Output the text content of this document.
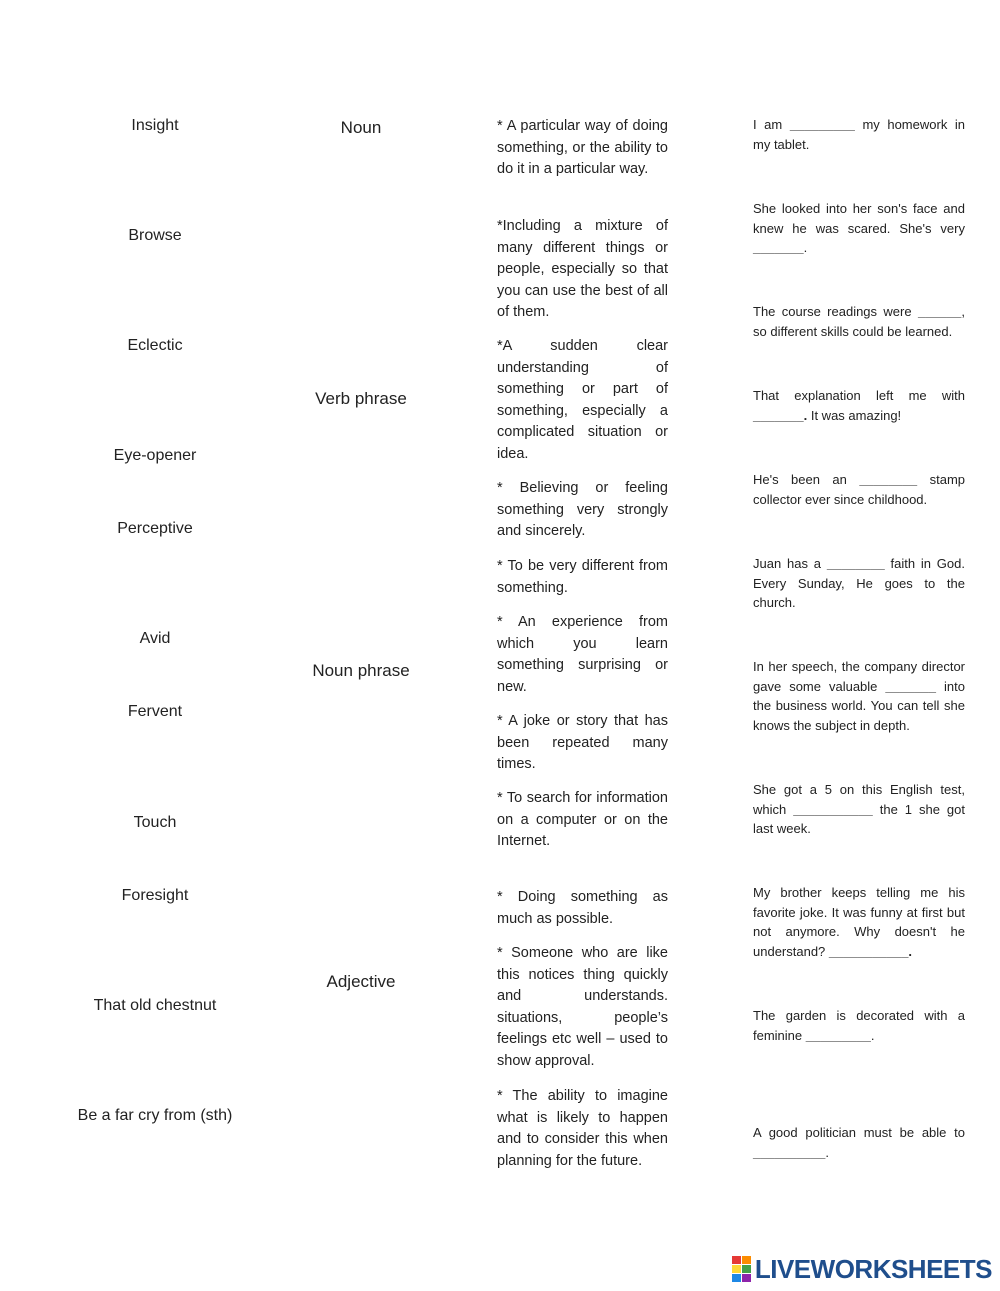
Insight
Browse
Eclectic
Eye-opener
Perceptive
Avid
Fervent
Touch
Foresight
That old chestnut
Be a far cry from (sth)
Noun
Verb phrase
Noun phrase
Adjective
* A particular way of doing something, or the ability to do it in a particular way.
*Including a mixture of many different things or people, especially so that you can use the best of all of them.
*A sudden clear understanding of something or part of something, especially a complicated situation or idea.
* Believing or feeling something very strongly and sincerely.
* To be very different from something.
* An experience from which you learn something surprising or new.
* A joke or story that has been repeated many times.
* To search for information on a computer or on the Internet.
* Doing something as much as possible.
* Someone who are like this notices thing quickly and understands. situations, people’s feelings etc well – used to show approval.
* The ability to imagine what is likely to happen and to consider this when planning for the future.
I am _________ my homework in my tablet.
She looked into her son's face and knew he was scared. She's very _______.
The course readings were ______, so different skills could be learned.
That explanation left me with _______. It was amazing!
He's been an ________ stamp collector ever since childhood.
Juan has a ________ faith in God. Every Sunday, He goes to the church.
In her speech, the company director gave some valuable _______ into the business world. You can tell she knows the subject in depth.
She got a 5 on this English test, which ___________ the 1 she got last week.
My brother keeps telling me his favorite joke. It was funny at first but not anymore. Why doesn't he understand? ___________.
The garden is decorated with a feminine _________.
A good politician must be able to __________.
LIVEWORKSHEETS
